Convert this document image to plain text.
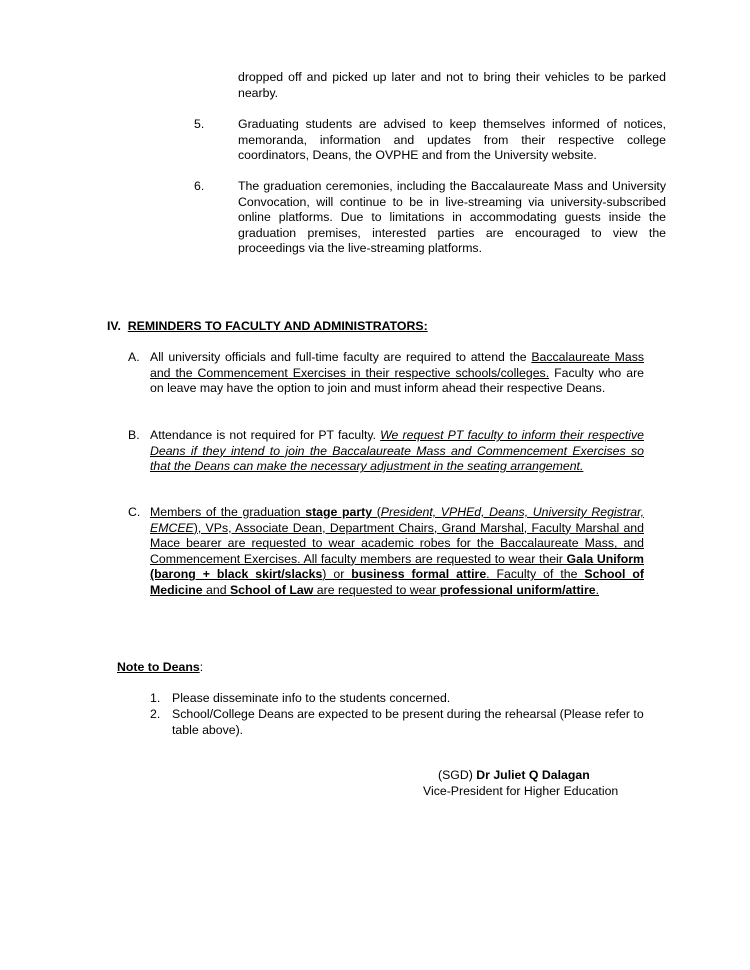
dropped off and picked up later and not to bring their vehicles to be parked nearby.
5.	Graduating students are advised to keep themselves informed of notices, memoranda, information and updates from their respective college coordinators, Deans, the OVPHE and from the University website.
6.	The graduation ceremonies, including the Baccalaureate Mass and University Convocation, will continue to be in live-streaming via university-subscribed online platforms. Due to limitations in accommodating guests inside the graduation premises, interested parties are encouraged to view the proceedings via the live-streaming platforms.
IV. REMINDERS TO FACULTY AND ADMINISTRATORS:
A. All university officials and full-time faculty are required to attend the Baccalaureate Mass and the Commencement Exercises in their respective schools/colleges. Faculty who are on leave may have the option to join and must inform ahead their respective Deans.
B. Attendance is not required for PT faculty. We request PT faculty to inform their respective Deans if they intend to join the Baccalaureate Mass and Commencement Exercises so that the Deans can make the necessary adjustment in the seating arrangement.
C. Members of the graduation stage party (President, VPHEd, Deans, University Registrar, EMCEE), VPs, Associate Dean, Department Chairs, Grand Marshal, Faculty Marshal and Mace bearer are requested to wear academic robes for the Baccalaureate Mass, and Commencement Exercises. All faculty members are requested to wear their Gala Uniform (barong + black skirt/slacks) or business formal attire. Faculty of the School of Medicine and School of Law are requested to wear professional uniform/attire.
Note to Deans:
1. Please disseminate info to the students concerned.
2. School/College Deans are expected to be present during the rehearsal (Please refer to table above).
(SGD) Dr Juliet Q Dalagan
Vice-President for Higher Education
